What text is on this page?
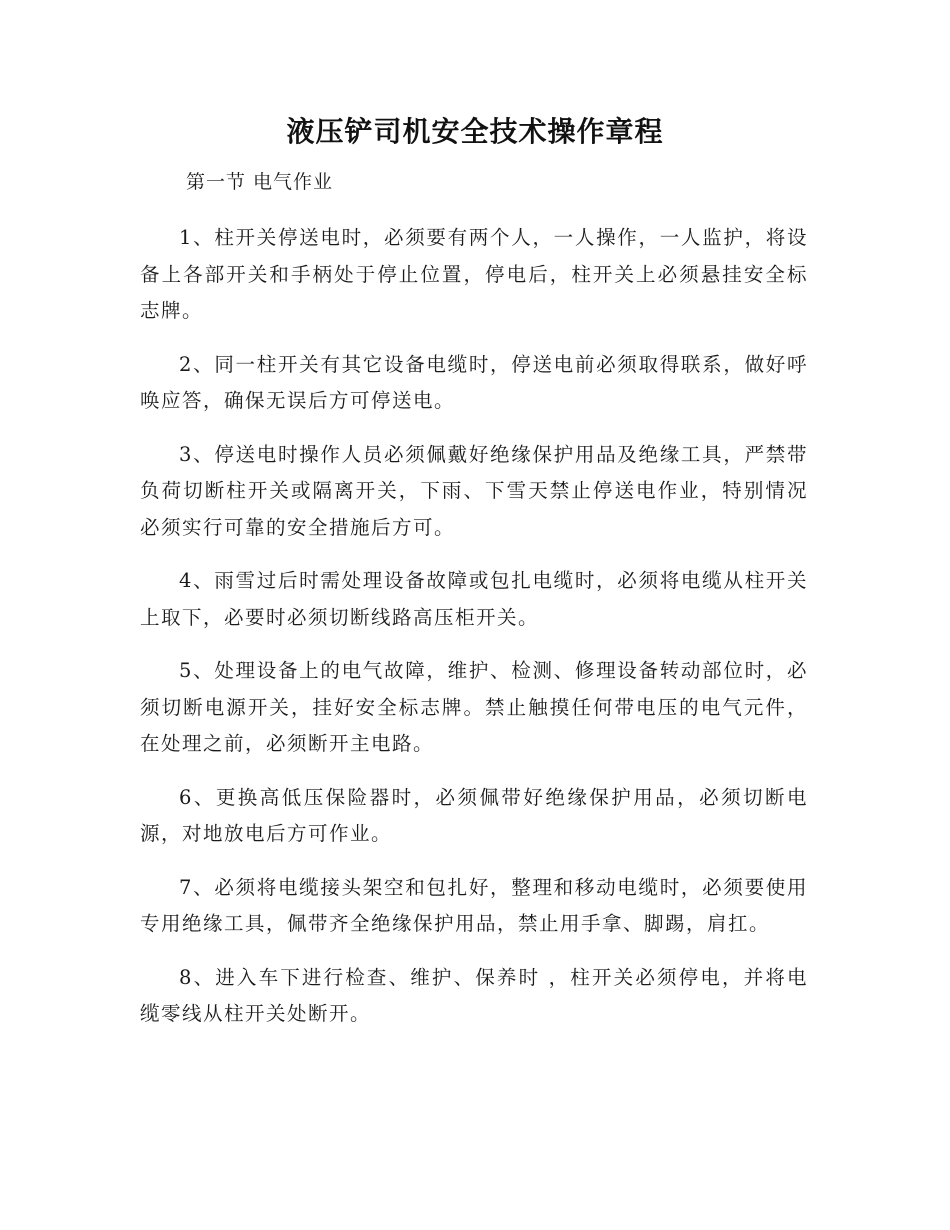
液压铲司机安全技术操作章程
第一节 电气作业

1、柱开关停送电时，必须要有两个人，一人操作，一人监护，将设备上各部开关和手柄处于停止位置，停电后，柱开关上必须悬挂安全标志牌。

2、同一柱开关有其它设备电缆时，停送电前必须取得联系，做好呼唤应答，确保无误后方可停送电。

3、停送电时操作人员必须佩戴好绝缘保护用品及绝缘工具，严禁带负荷切断柱开关或隔离开关，下雨、下雪天禁止停送电作业，特别情况必须实行可靠的安全措施后方可。

4、雨雪过后时需处理设备故障或包扎电缆时，必须将电缆从柱开关上取下，必要时必须切断线路高压柜开关。

5、处理设备上的电气故障，维护、检测、修理设备转动部位时，必须切断电源开关，挂好安全标志牌。禁止触摸任何带电压的电气元件，在处理之前，必须断开主电路。

6、更换高低压保险器时，必须佩带好绝缘保护用品，必须切断电源，对地放电后方可作业。

7、必须将电缆接头架空和包扎好，整理和移动电缆时，必须要使用专用绝缘工具，佩带齐全绝缘保护用品，禁止用手拿、脚踢，肩扛。

8、进入车下进行检查、维护、保养时 ，柱开关必须停电，并将电缆零线从柱开关处断开。
